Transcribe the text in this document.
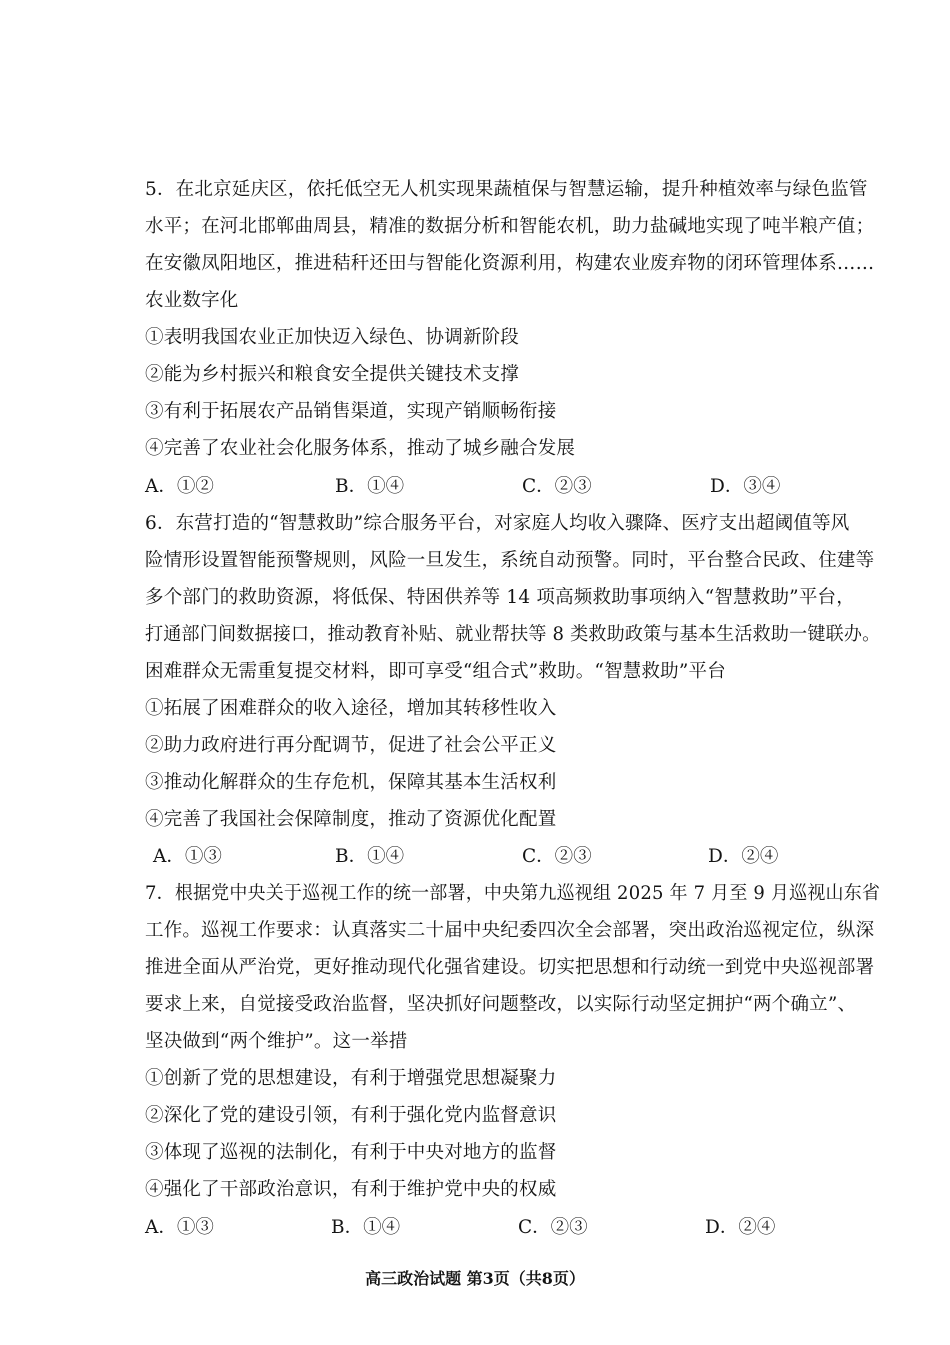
5．在北京延庆区，依托低空无人机实现果蔬植保与智慧运输，提升种植效率与绿色监管
水平；在河北邯郸曲周县，精准的数据分析和智能农机，助力盐碱地实现了吨半粮产值；
在安徽凤阳地区，推进秸秆还田与智能化资源利用，构建农业废弃物的闭环管理体系……
农业数字化
①表明我国农业正加快迈入绿色、协调新阶段
②能为乡村振兴和粮食安全提供关键技术支撑
③有利于拓展农产品销售渠道，实现产销顺畅衔接
④完善了农业社会化服务体系，推动了城乡融合发展
A．①②	B．①④	C．②③	D．③④
6．东营打造的“智慧救助”综合服务平台，对家庭人均收入骤降、医疗支出超阈值等风
险情形设置智能预警规则，风险一旦发生，系统自动预警。同时，平台整合民政、住建等
多个部门的救助资源，将低保、特困供养等 14 项高频救助事项纳入“智慧救助”平台，
打通部门间数据接口，推动教育补贴、就业帮扶等 8 类救助政策与基本生活救助一键联办。
困难群众无需重复提交材料，即可享受“组合式”救助。“智慧救助”平台
①拓展了困难群众的收入途径，增加其转移性收入
②助力政府进行再分配调节，促进了社会公平正义
③推动化解群众的生存危机，保障其基本生活权利
④完善了我国社会保障制度，推动了资源优化配置
A．①③	B．①④	C．②③	D．②④
7．根据党中央关于巡视工作的统一部署，中央第九巡视组 2025 年 7 月至 9 月巡视山东省
工作。巡视工作要求：认真落实二十届中央纪委四次全会部署，突出政治巡视定位，纵深
推进全面从严治党，更好推动现代化强省建设。切实把思想和行动统一到党中央巡视部署
要求上来，自觉接受政治监督，坚决抓好问题整改，以实际行动坚定拥护“两个确立”、
坚决做到“两个维护”。这一举措
①创新了党的思想建设，有利于增强党思想凝聚力
②深化了党的建设引领，有利于强化党内监督意识
③体现了巡视的法制化，有利于中央对地方的监督
④强化了干部政治意识，有利于维护党中央的权威
A．①③	B．①④	C．②③	D．②④
高三政治试题 第3页（共8页）
